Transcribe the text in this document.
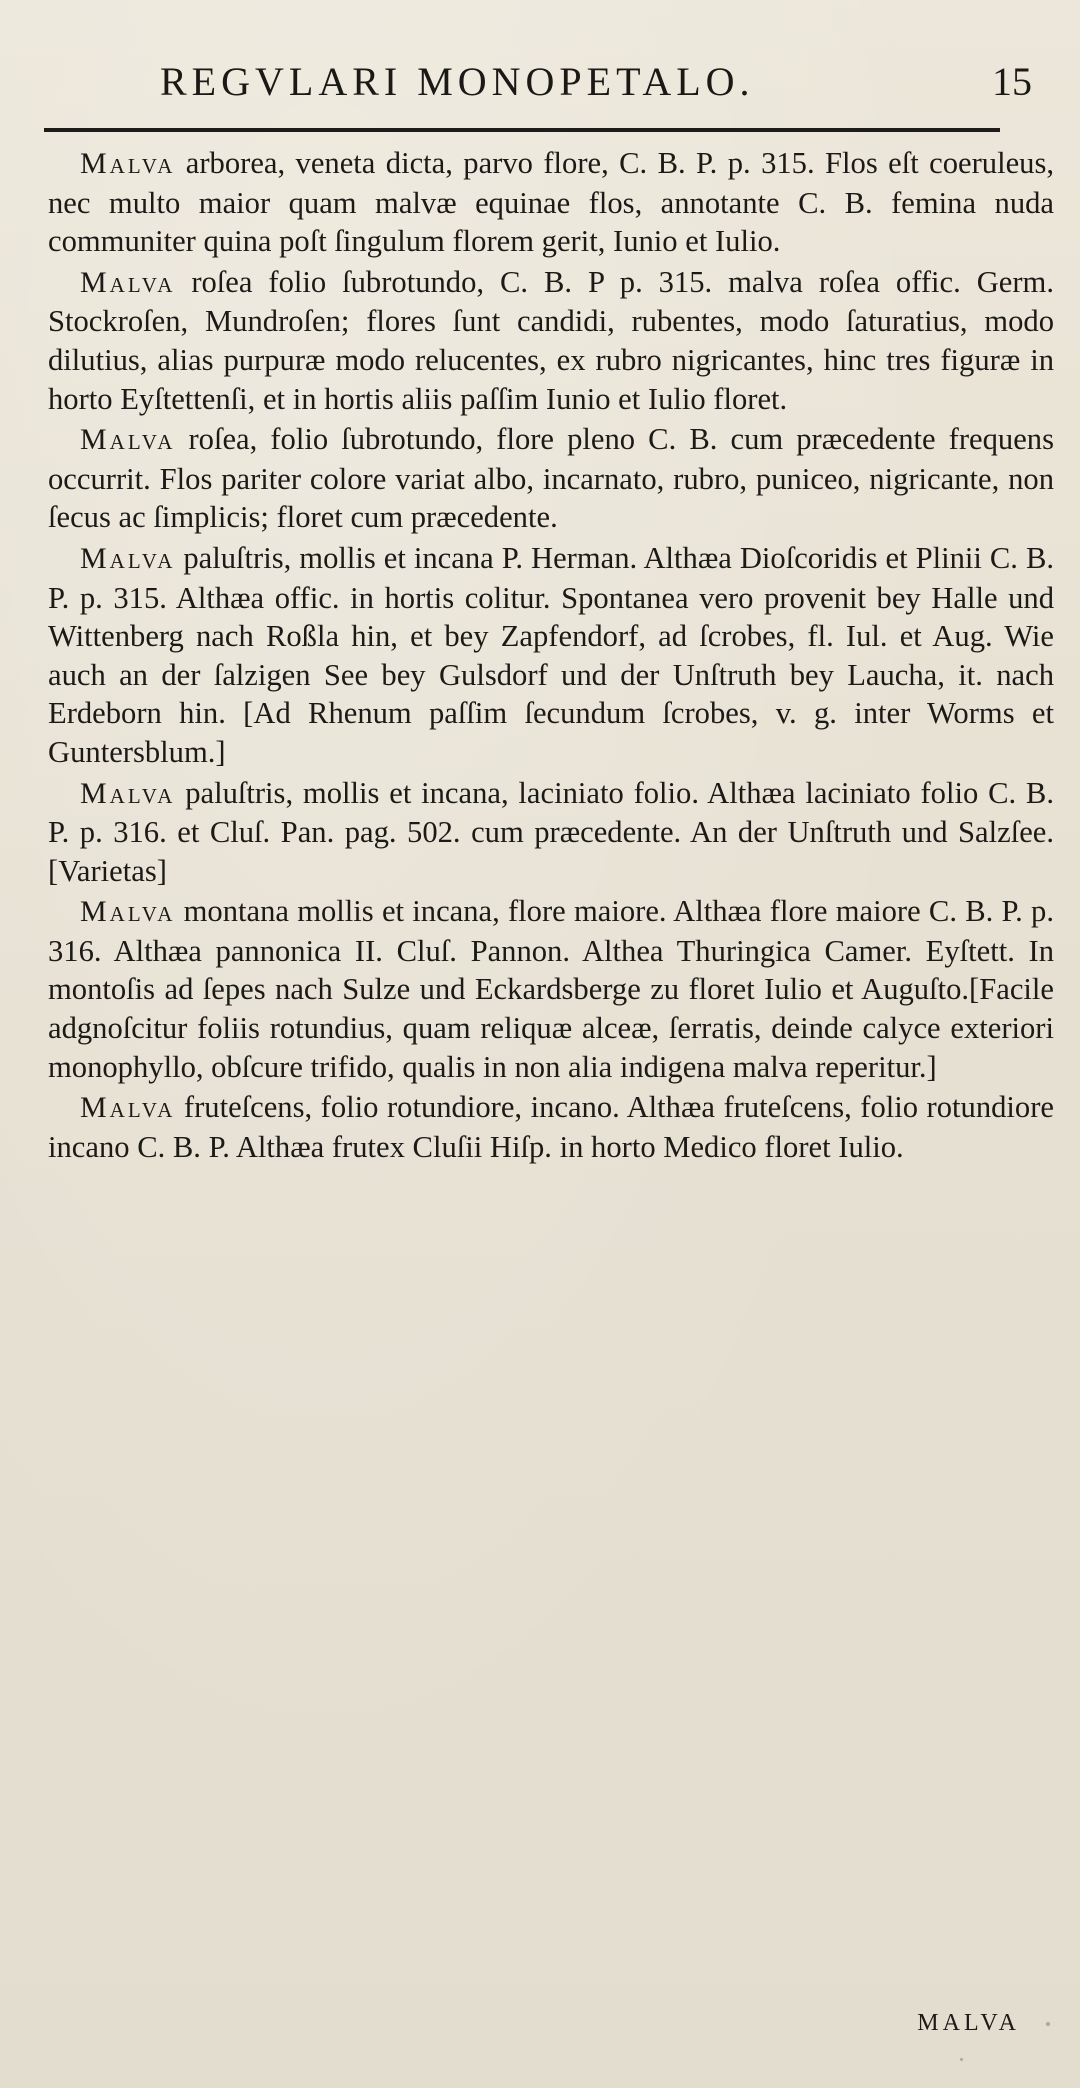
REGVLARI MONOPETALO.	15

Malva arborea, veneta dicta, parvo flore, C. B. P. p. 315. Flos eſt coeruleus, nec multo maior quam malvæ equinae flos, annotante C. B. femina nuda communiter quina poſt ſingulum florem gerit, Iunio et Iulio.

Malva roſea folio ſubrotundo, C. B. P p. 315. malva roſea offic. Germ. Stockroſen, Mundroſen; flores ſunt candidi, rubentes, modo ſaturatius, modo dilutius, alias purpuræ modo relucentes, ex rubro nigricantes, hinc tres figuræ in horto Eyſtettenſi, et in hortis aliis paſſim Iunio et Iulio floret.

Malva roſea, folio ſubrotundo, flore pleno C. B. cum præcedente frequens occurrit. Flos pariter colore variat albo, incarnato, rubro, puniceo, nigricante, non ſecus ac ſimplicis; floret cum præcedente.

Malva paluſtris, mollis et incana P. Herman. Althæa Dioſcoridis et Plinii C. B. P. p. 315. Althæa offic. in hortis colitur. Spontanea vero provenit bey Halle und Wittenberg nach Roßla hin, et bey Zapfendorf, ad ſcrobes, fl. Iul. et Aug. Wie auch an der ſalzigen See bey Gulsdorf und der Unſtruth bey Laucha, it. nach Erdeborn hin. [Ad Rhenum paſſim ſecundum ſcrobes, v. g. inter Worms et Guntersblum.]

Malva paluſtris, mollis et incana, laciniato folio. Althæa laciniato folio C. B. P. p. 316. et Cluſ. Pan. pag. 502. cum præcedente. An der Unſtruth und Salzſee. [Varietas]

Malva montana mollis et incana, flore maiore. Althæa flore maiore C. B. P. p. 316. Althæa pannonica II. Cluſ. Pannon. Althea Thuringica Camer. Eyſtett. In montoſis ad ſepes nach Sulze und Eckardsberge zu floret Iulio et Auguſto.[Facile adgnoſcitur foliis rotundius, quam reliquæ alceæ, ſerratis, deinde calyce exteriori monophyllo, obſcure trifido, qualis in non alia indigena malva reperitur.]

Malva fruteſcens, folio rotundiore, incano. Althæa fruteſcens, folio rotundiore incano C. B. P. Althæa frutex Cluſii Hiſp. in horto Medico floret Iulio.

MALVA
